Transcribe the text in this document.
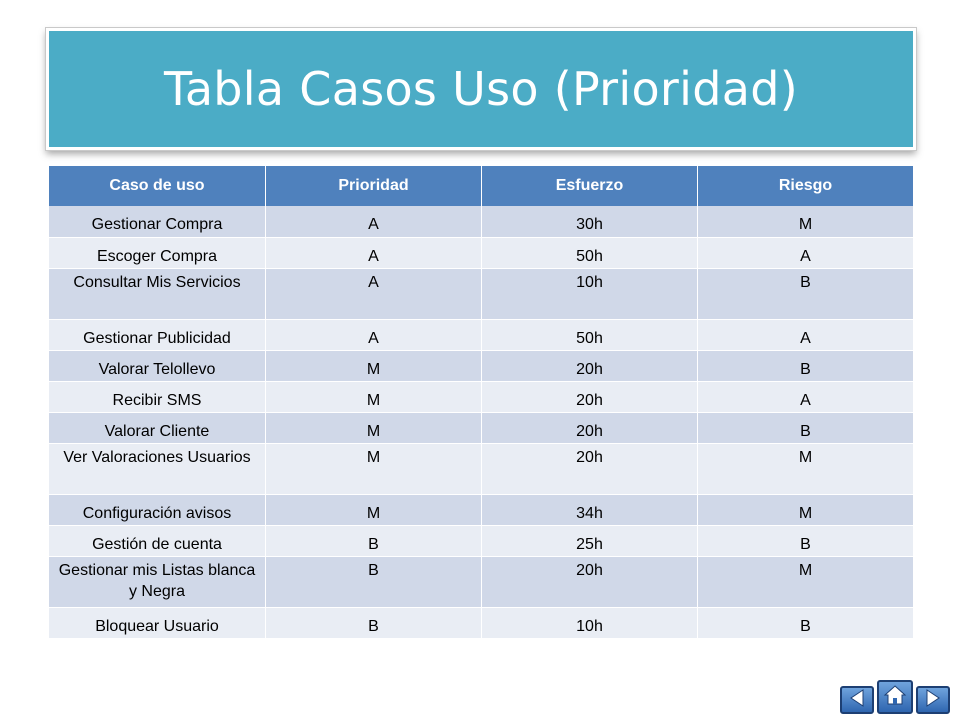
Tabla Casos Uso (Prioridad)
Caso de uso	Prioridad	Esfuerzo	Riesgo
Gestionar Compra	A	30h	M
Escoger Compra	A	50h	A
Consultar Mis Servicios	A	10h	B
Gestionar Publicidad	A	50h	A
Valorar Telollevo	M	20h	B
Recibir SMS	M	20h	A
Valorar Cliente	M	20h	B
Ver Valoraciones Usuarios	M	20h	M
Configuración avisos	M	34h	M
Gestión de cuenta	B	25h	B
Gestionar mis Listas blanca y Negra	B	20h	M
Bloquear Usuario	B	10h	B
